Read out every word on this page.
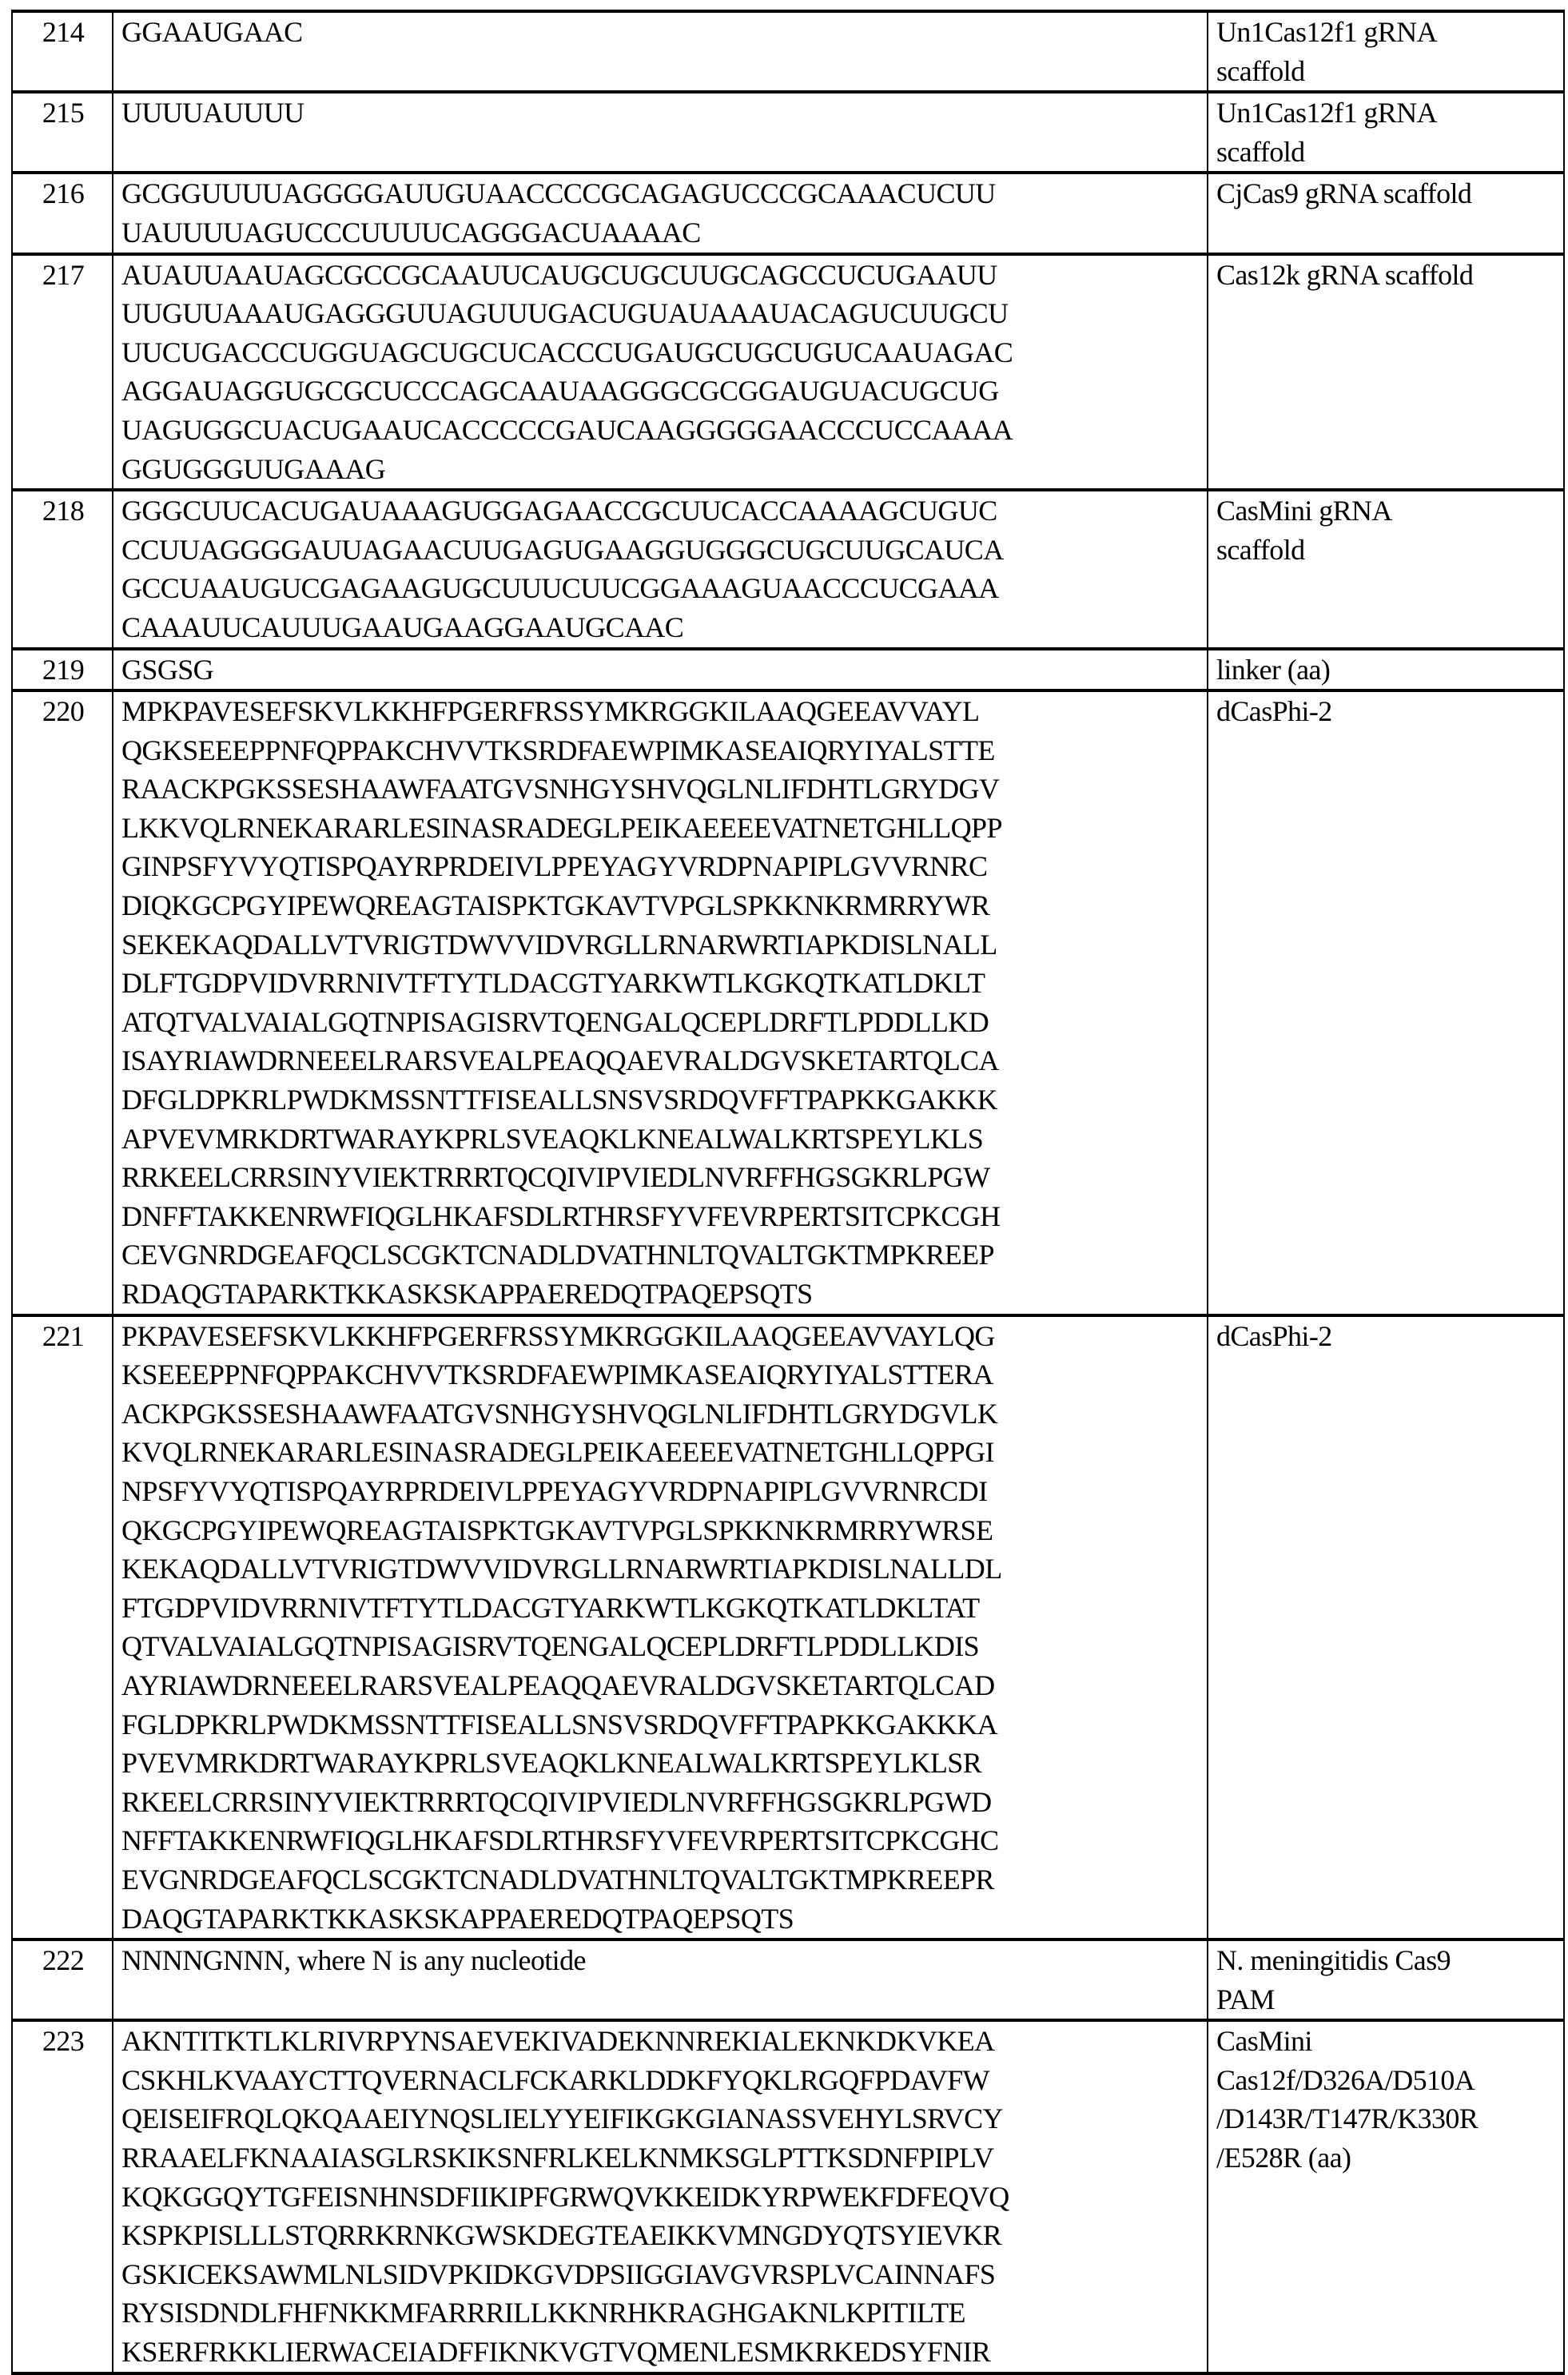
214	GGAAUGAAC	Un1Cas12f1 gRNA
scaffold
215	UUUUAUUUU	Un1Cas12f1 gRNA
scaffold
216	GCGGUUUUAGGGGAUUGUAACCCCGCAGAGUCCCGCAAACUCUU
UAUUUUAGUCCCUUUUCAGGGACUAAAAC	CjCas9 gRNA scaffold
217	AUAUUAAUAGCGCCGCAAUUCAUGCUGCUUGCAGCCUCUGAAUU
UUGUUAAAUGAGGGUUAGUUUGACUGUAUAAAUACAGUCUUGCU
UUCUGACCCUGGUAGCUGCUCACCCUGAUGCUGCUGUCAAUAGAC
AGGAUAGGUGCGCUCCCAGCAAUAAGGGCGCGGAUGUACUGCUG
UAGUGGCUACUGAAUCACCCCCGAUCAAGGGGGAACCCUCCAAAA
GGUGGGUUGAAAG	Cas12k gRNA scaffold
218	GGGCUUCACUGAUAAAGUGGAGAACCGCUUCACCAAAAGCUGUC
CCUUAGGGGAUUAGAACUUGAGUGAAGGUGGGCUGCUUGCAUCA
GCCUAAUGUCGAGAAGUGCUUUCUUCGGAAAGUAACCCUCGAAA
CAAAUUCAUUUGAAUGAAGGAAUGCAAC	CasMini gRNA
scaffold
219	GSGSG	linker (aa)
220	MPKPAVESEFSKVLKKHFPGERFRSSYMKRGGKILAAQGEEAVVAYL
QGKSEEEPPNFQPPAKCHVVTKSRDFAEWPIMKASEAIQRYIYALSTTE
RAACKPGKSSESHAAWFAATGVSNHGYSHVQGLNLIFDHTLGRYDGV
LKKVQLRNEKARARLESINASRADEGLPEIKAEEEEVATNETGHLLQPP
GINPSFYVYQTISPQAYRPRDEIVLPPEYAGYVRDPNAPIPLGVVRNRC
DIQKGCPGYIPEWQREAGTAISPKTGKAVTVPGLSPKKNKRMRRYWR
SEKEKAQDALLVTVRIGTDWVVIDVRGLLRNARWRTIAPKDISLNALL
DLFTGDPVIDVRRNIVTFTYTLDACGTYARKWTLKGKQTKATLDKLT
ATQTVALVAIALGQTNPISAGISRVTQENGALQCEPLDRFTLPDDLLKD
ISAYRIAWDRNEEELRARSVEALPEAQQAEVRALDGVSKETARTQLCA
DFGLDPKRLPWDKMSSNTTFISEALLSNSVSRDQVFFTPAPKKGAKKK
APVEVMRKDRTWARAYKPRLSVEAQKLKNEALWALKRTSPEYLKLS
RRKEELCRRSINYVIEKTRRRTQCQIVIPVIEDLNVRFFHGSGKRLPGW
DNFFTAKKENRWFIQGLHKAFSDLRTHRSFYVFEVRPERTSITCPKCGH
CEVGNRDGEAFQCLSCGKTCNADLDVATHNLTQVALTGKTMPKREEP
RDAQGTAPARKTKKASKSKAPPAEREDQTPAQEPSQTS	dCasPhi-2
221	PKPAVESEFSKVLKKHFPGERFRSSYMKRGGKILAAQGEEAVVAYLQG
KSEEEPPNFQPPAKCHVVTKSRDFAEWPIMKASEAIQRYIYALSTTERA
ACKPGKSSESHAAWFAATGVSNHGYSHVQGLNLIFDHTLGRYDGVLK
KVQLRNEKARARLESINASRADEGLPEIKAEEEEVATNETGHLLQPPGI
NPSFYVYQTISPQAYRPRDEIVLPPEYAGYVRDPNAPIPLGVVRNRCDI
QKGCPGYIPEWQREAGTAISPKTGKAVTVPGLSPKKNKRMRRYWRSE
KEKAQDALLVTVRIGTDWVVIDVRGLLRNARWRTIAPKDISLNALLDL
FTGDPVIDVRRNIVTFTYTLDACGTYARKWTLKGKQTKATLDKLTAT
QTVALVAIALGQTNPISAGISRVTQENGALQCEPLDRFTLPDDLLKDIS
AYRIAWDRNEEELRARSVEALPEAQQAEVRALDGVSKETARTQLCAD
FGLDPKRLPWDKMSSNTTFISEALLSNSVSRDQVFFTPAPKKGAKKKA
PVEVMRKDRTWARAYKPRLSVEAQKLKNEALWALKRTSPEYLKLSR
RKEELCRRSINYVIEKTRRRTQCQIVIPVIEDLNVRFFHGSGKRLPGWD
NFFTAKKENRWFIQGLHKAFSDLRTHRSFYVFEVRPERTSITCPKCGHC
EVGNRDGEAFQCLSCGKTCNADLDVATHNLTQVALTGKTMPKREEPR
DAQGTAPARKTKKASKSKAPPAEREDQTPAQEPSQTS	dCasPhi-2
222	NNNNGNNN, where N is any nucleotide	N. meningitidis Cas9
PAM
223	AKNTITKTLKLRIVRPYNSAEVEKIVADEKNNREKIALEKNKDKVKEA
CSKHLKVAAYCTTQVERNACLFCKARKLDDKFYQKLRGQFPDAVFW
QEISEIFRQLQKQAAEIYNQSLIELYYEIFIKGKGIANASSVEHYLSRVCY
RRAAELFKNAAIASGLRSKIKSNFRLKELKNMKSGLPTTKSDNFPIPLV
KQKGGQYTGFEISNHNSDFIIKIPFGRWQVKKEIDKYRPWEKFDFEQVQ
KSPKPISLLLSTQRRKRNKGWSKDEGTEAEIKKVMNGDYQTSYIEVKR
GSKICEKSAWMLNLSIDVPKIDKGVDPSIIGGIAVGVRSPLVCAINNAFS
RYSISDNDLFHFNKKMFARRRILLKKNRHKRAGHGAKNLKPITILTE
KSERFRKKLIERWACEIADFFIKNKVGTVQMENLESMKRKEDSYFNIR	CasMini
Cas12f/D326A/D510A
/D143R/T147R/K330R
/E528R (aa)
